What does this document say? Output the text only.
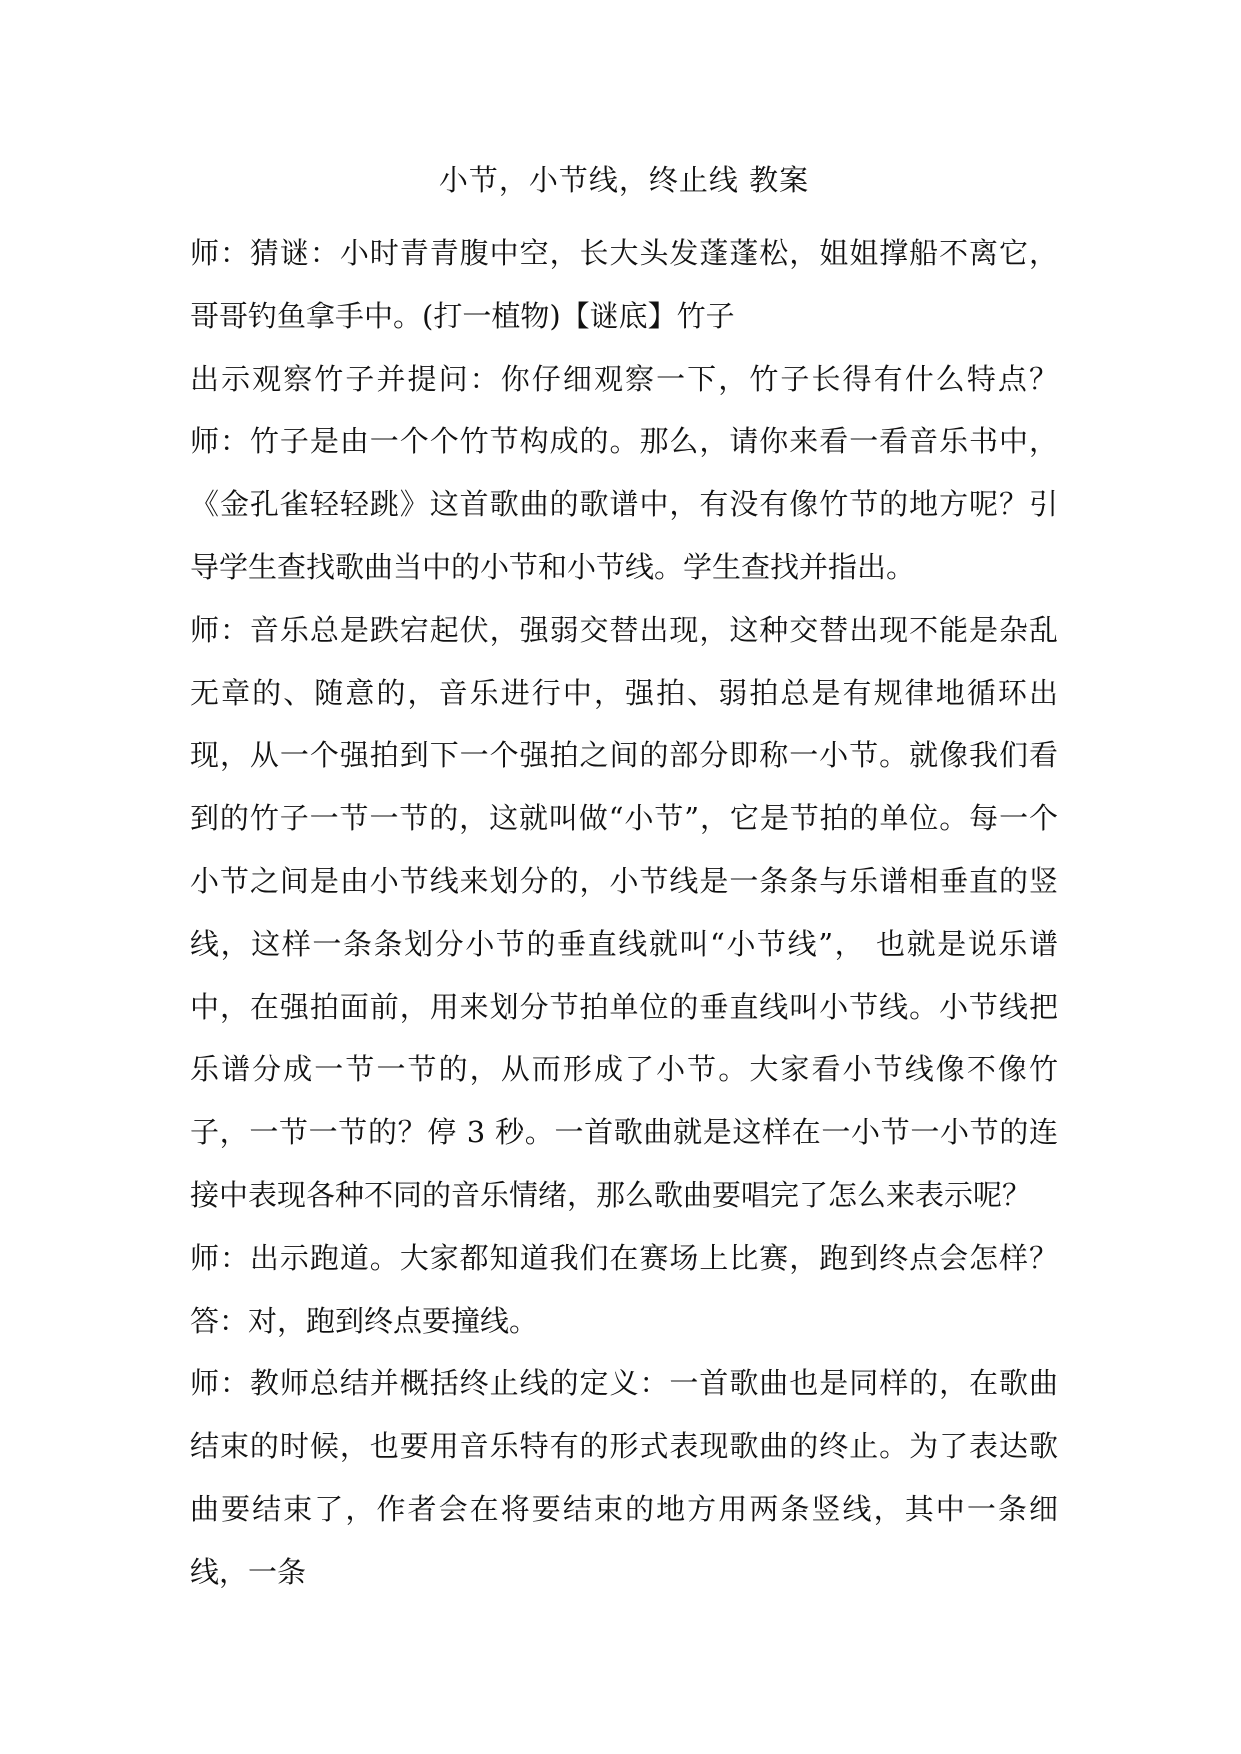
小节，小节线，终止线 教案

师：猜谜：小时青青腹中空，长大头发蓬蓬松，姐姐撑船不离它，哥哥钓鱼拿手中。(打一植物)【谜底】竹子

出示观察竹子并提问：你仔细观察一下，竹子长得有什么特点？ 师：竹子是由一个个竹节构成的。那么，请你来看一看音乐书中，《金孔雀轻轻跳》这首歌曲的歌谱中，有没有像竹节的地方呢？引导学生查找歌曲当中的小节和小节线。学生查找并指出。

师：音乐总是跌宕起伏，强弱交替出现，这种交替出现不能是杂乱无章的、随意的，音乐进行中，强拍、弱拍总是有规律地循环出现，从一个强拍到下一个强拍之间的部分即称一小节。就像我们看到的竹子一节一节的，这就叫做“小节”，它是节拍的单位。每一个小节之间是由小节线来划分的，小节线是一条条与乐谱相垂直的竖线，这样一条条划分小节的垂直线就叫“小节线”， 也就是说乐谱中，在强拍面前，用来划分节拍单位的垂直线叫小节线。小节线把乐谱分成一节一节的，从而形成了小节。大家看小节线像不像竹子，一节一节的？停 3 秒。一首歌曲就是这样在一小节一小节的连接中表现各种不同的音乐情绪，那么歌曲要唱完了怎么来表示呢？

师：出示跑道。大家都知道我们在赛场上比赛，跑到终点会怎样？答：对，跑到终点要撞线。

师：教师总结并概括终止线的定义：一首歌曲也是同样的，在歌曲结束的时候，也要用音乐特有的形式表现歌曲的终止。为了表达歌曲要结束了，作者会在将要结束的地方用两条竖线，其中一条细线，一条
